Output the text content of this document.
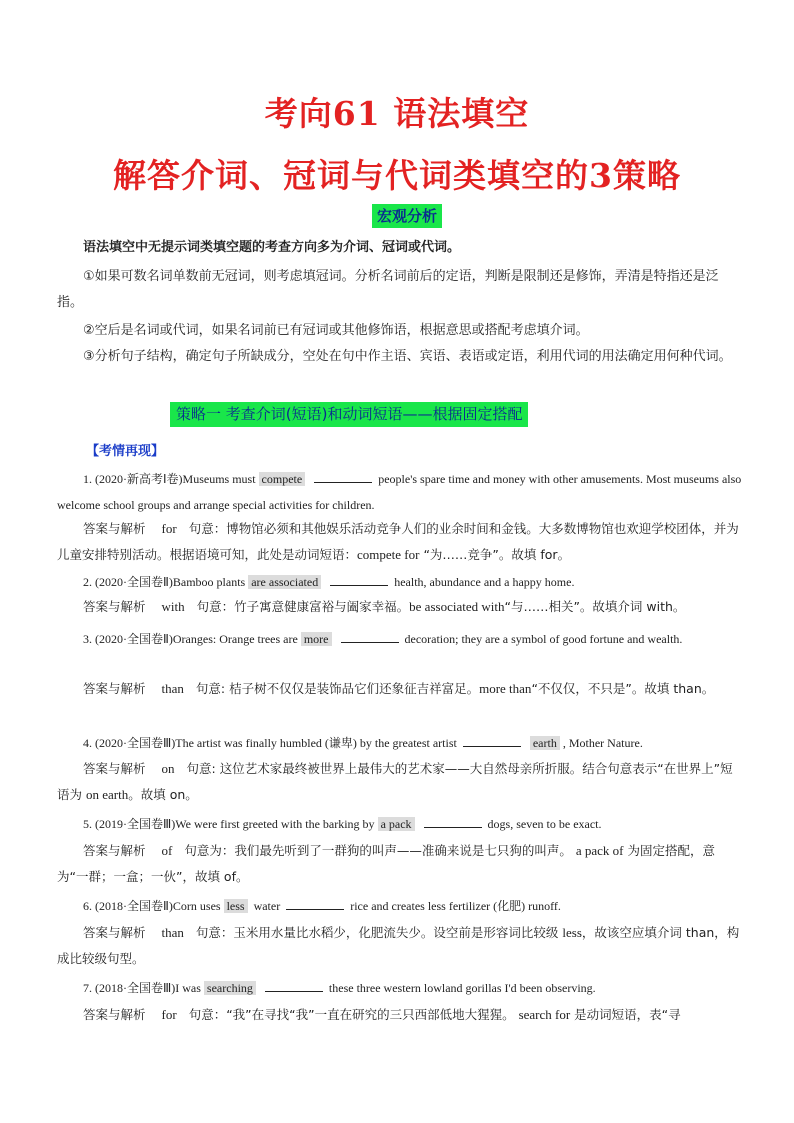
考向61 语法填空
解答介词、冠词与代词类填空的3策略
宏观分析
语法填空中无提示词类填空题的考查方向多为介词、冠词或代词。
①如果可数名词单数前无冠词，则考虑填冠词。分析名词前后的定语，判断是限制还是修饰，弄清是特指还是泛指。
②空后是名词或代词，如果名词前已有冠词或其他修饰语，根据意思或搭配考虑填介词。
③分析句子结构，确定句子所缺成分，空处在句中作主语、宾语、表语或定语，利用代词的用法确定用何种代词。
策略一 考查介词(短语)和动词短语——根据固定搭配
【考情再现】
1. (2020·新高考Ⅰ卷)Museums must compete	people's spare time and money with other amusements. Most museums also welcome school groups and arrange special activities for children.
答案与解析 for 句意：博物馆必须和其他娱乐活动竞争人们的业余时间和金钱。大多数博物馆也欢迎学校团体，并为儿童安排特别活动。根据语境可知，此处是动词短语：compete for “为……竞争”。故填 for。
2. (2020·全国卷Ⅱ)Bamboo plants are associated	health, abundance and a happy home.
答案与解析 with 句意：竹子寓意健康富裕与阖家幸福。be associated with“与……相关”。故填介词 with。
3. (2020·全国卷Ⅱ)Oranges: Orange trees are more	decoration; they are a symbol of good fortune and wealth.
答案与解析 than 句意: 桔子树不仅仅是装饰品它们还象征吉祥富足。more than“不仅仅，不只是”。故填 than。
4. (2020·全国卷Ⅲ)The artist was finally humbled (谦卑) by the greatest artist	earth , Mother Nature.
答案与解析 on 句意: 这位艺术家最终被世界上最伟大的艺术家——大自然母亲所折服。结合句意表示“在世界上”短语为 on earth。故填 on。
5. (2019·全国卷Ⅲ)We were first greeted with the barking by a pack	dogs, seven to be exact.
答案与解析 of 句意为：我们最先听到了一群狗的叫声——准确来说是七只狗的叫声。 a pack of 为固定搭配，意为“一群；一盒；一伙”，故填 of。
6. (2018·全国卷Ⅱ)Corn uses less water	rice and creates less fertilizer (化肥) runoff.
答案与解析 than 句意：玉米用水量比水稻少，化肥流失少。设空前是形容词比较级 less，故该空应填介词 than，构成比较级句型。
7. (2018·全国卷Ⅲ)I was searching	these three western lowland gorillas I'd been observing.
答案与解析 for 句意：“我”在寻找“我”一直在研究的三只西部低地大猩猩。 search for 是动词短语，表“寻
